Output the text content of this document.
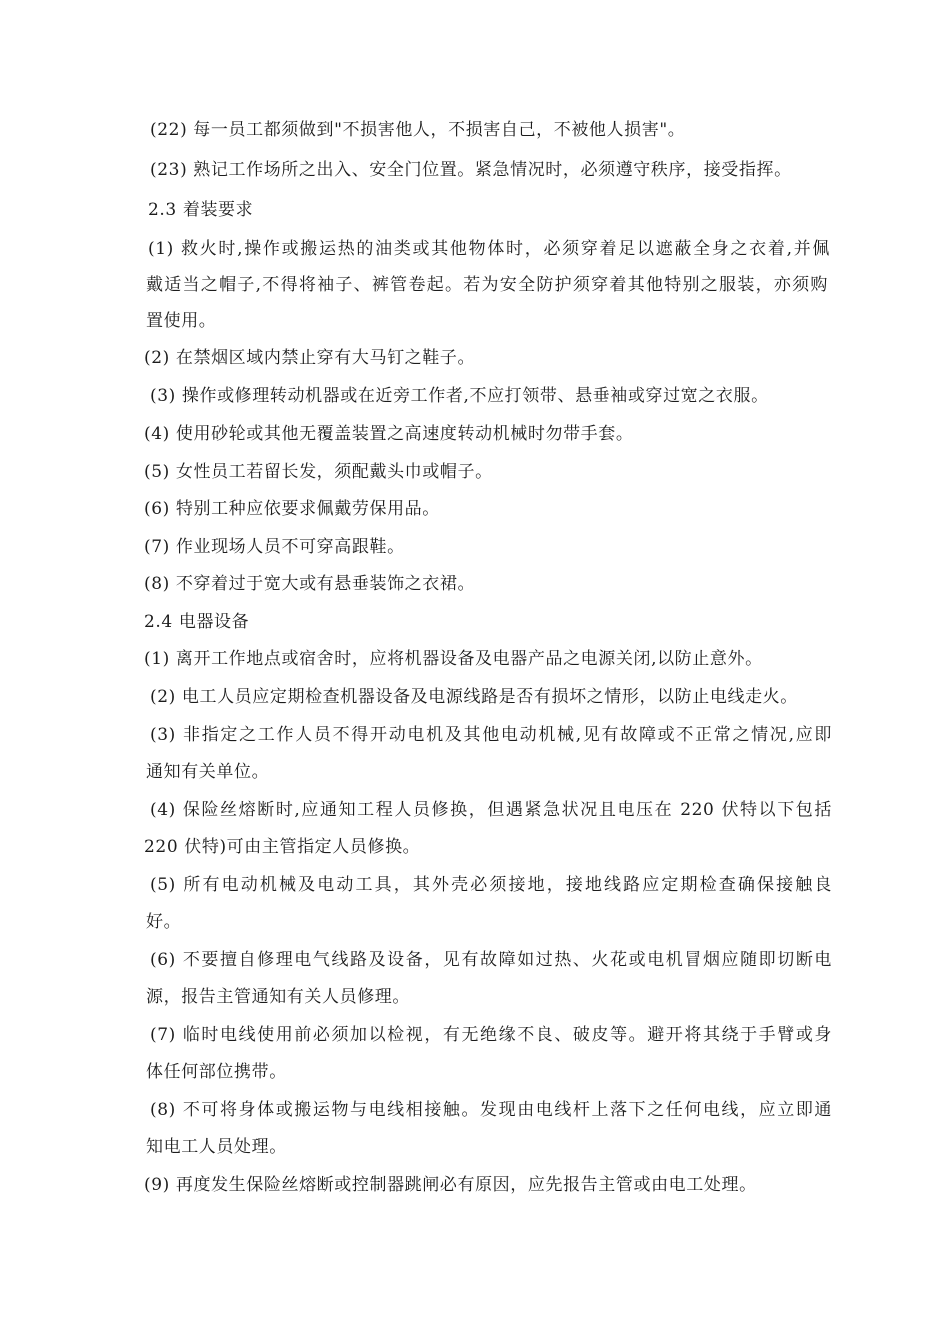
(22) 每一员工都须做到"不损害他人，不损害自己，不被他人损害"。

(23) 熟记工作场所之出入、安全门位置。紧急情况时，必须遵守秩序，接受指挥。

2.3 着装要求

(1) 救火时,操作或搬运热的油类或其他物体时，必须穿着足以遮蔽全身之衣着,并佩

戴适当之帽子,不得将袖子、裤管卷起。若为安全防护须穿着其他特别之服装，亦须购

置使用。

(2) 在禁烟区域内禁止穿有大马钉之鞋子。

(3) 操作或修理转动机器或在近旁工作者,不应打领带、悬垂袖或穿过宽之衣服。

(4) 使用砂轮或其他无覆盖装置之高速度转动机械时勿带手套。

(5) 女性员工若留长发，须配戴头巾或帽子。

(6) 特别工种应依要求佩戴劳保用品。

(7) 作业现场人员不可穿高跟鞋。

(8) 不穿着过于宽大或有悬垂装饰之衣裙。

2.4 电器设备

(1) 离开工作地点或宿舍时，应将机器设备及电器产品之电源关闭,以防止意外。

(2) 电工人员应定期检查机器设备及电源线路是否有损坏之情形，以防止电线走火。

(3) 非指定之工作人员不得开动电机及其他电动机械,见有故障或不正常之情况,应即

通知有关单位。

(4) 保险丝熔断时,应通知工程人员修换，但遇紧急状况且电压在 220 伏特以下包括

220 伏特)可由主管指定人员修换。

(5) 所有电动机械及电动工具，其外壳必须接地，接地线路应定期检查确保接触良

好。

(6) 不要擅自修理电气线路及设备，见有故障如过热、火花或电机冒烟应随即切断电

源，报告主管通知有关人员修理。

(7) 临时电线使用前必须加以检视，有无绝缘不良、破皮等。避开将其绕于手臂或身

体任何部位携带。

(8) 不可将身体或搬运物与电线相接触。发现由电线杆上落下之任何电线，应立即通

知电工人员处理。

(9) 再度发生保险丝熔断或控制器跳闸必有原因，应先报告主管或由电工处理。
